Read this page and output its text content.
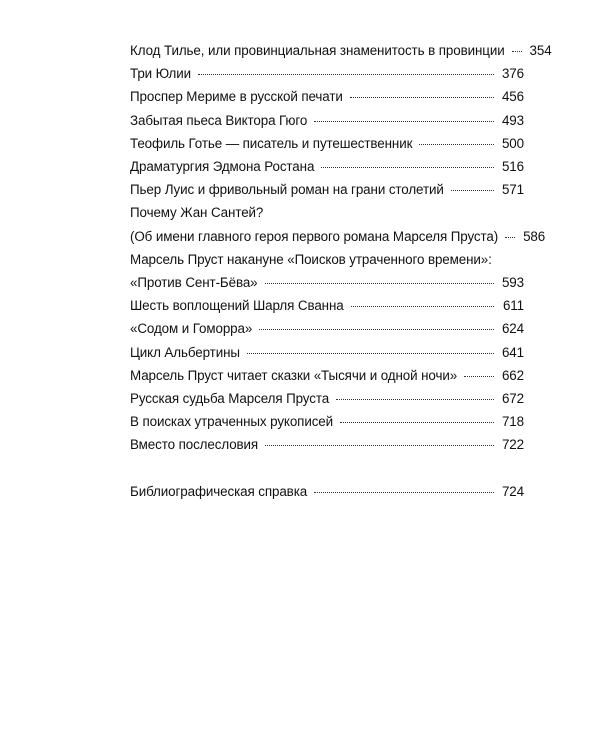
Клод Тилье, или провинциальная знаменитость в провинции 354
Три Юлии	376
Проспер Мериме в русской печати	456
Забытая пьеса Виктора Гюго	493
Теофиль Готье — писатель и путешественник	500
Драматургия Эдмона Ростана	516
Пьер Луис и фривольный роман на грани столетий	571
Почему Жан Сантей?
(Об имени главного героя первого романа Марселя Пруста) 586
Марсель Пруст накануне «Поисков утраченного времени»:
«Против Сент-Бёва»	593
Шесть воплощений Шарля Сванна	611
«Содом и Гоморра»	624
Цикл Альбертины	641
Марсель Пруст читает сказки «Тысячи и одной ночи»	662
Русская судьба Марселя Пруста	672
В поисках утраченных рукописей	718
Вместо послесловия	722
Библиографическая справка	724
